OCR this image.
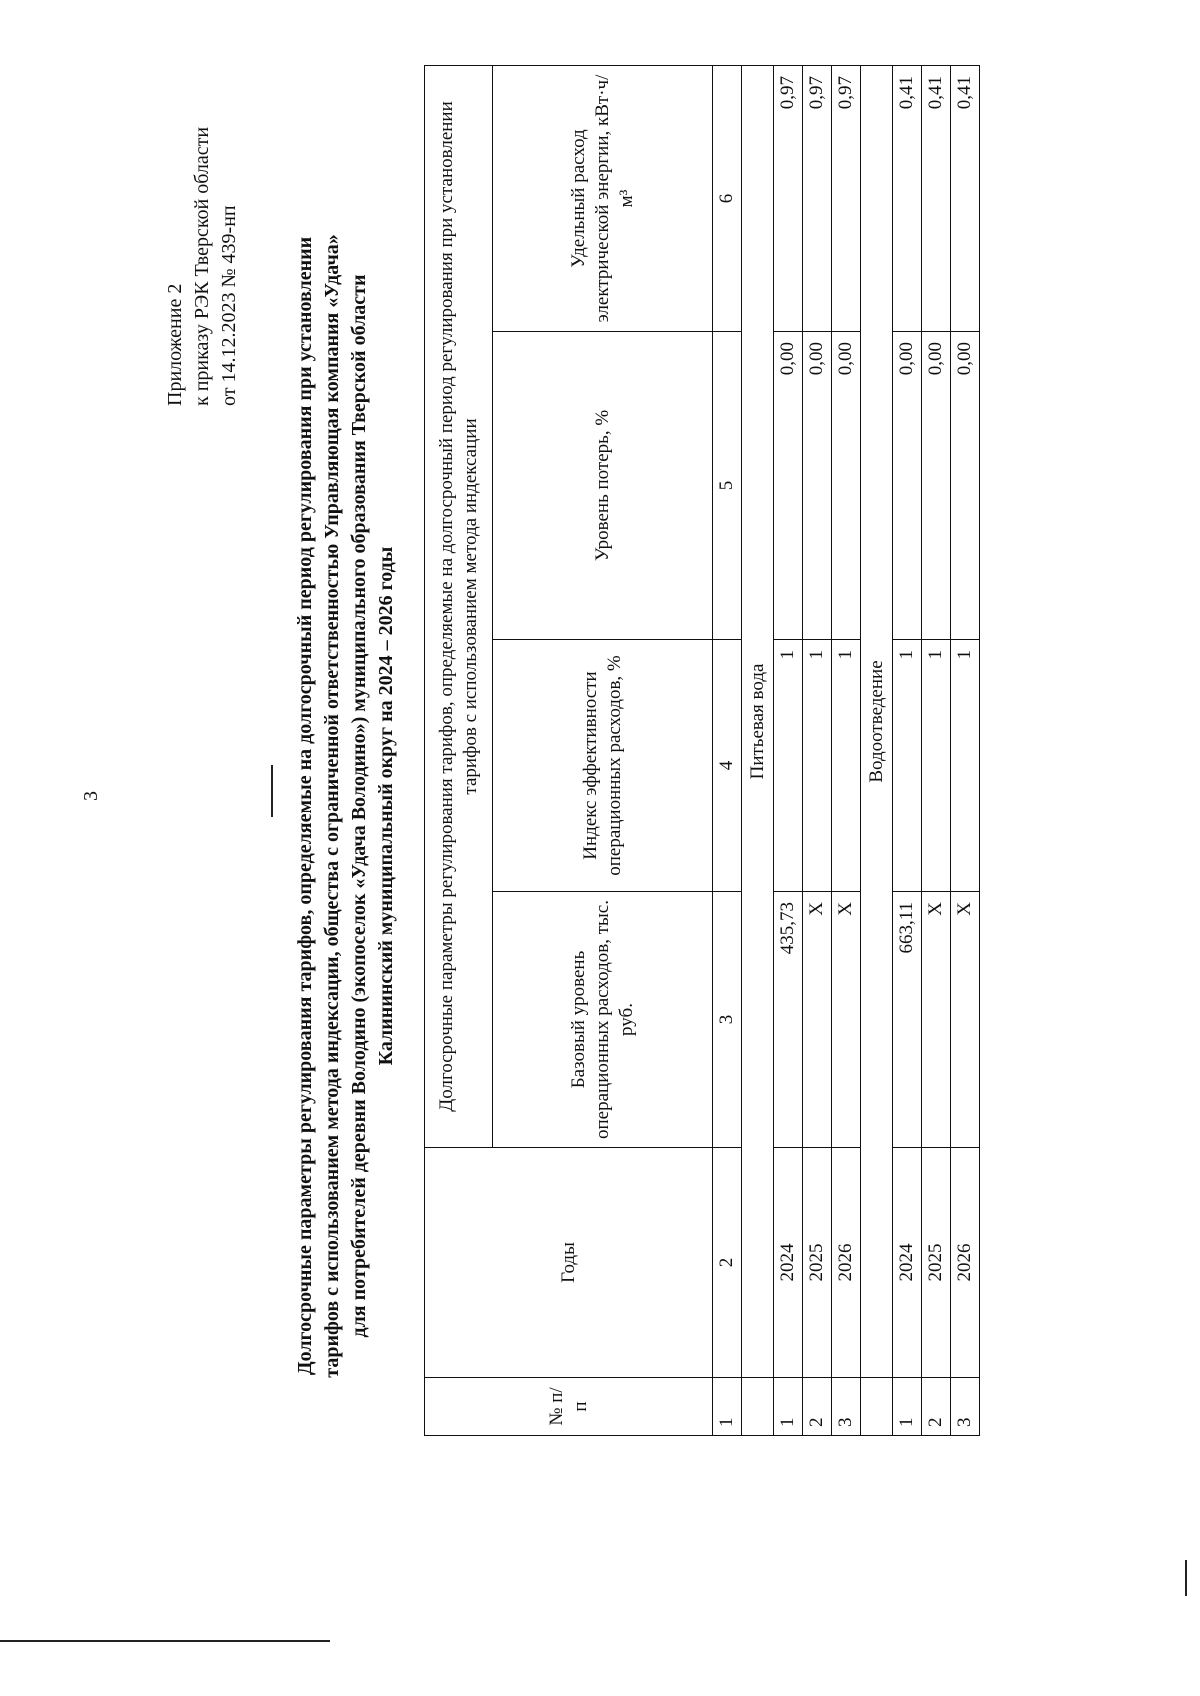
3
Приложение 2 к приказу РЭК Тверской области от 14.12.2023 № 439-нп	Долгосрочные параметры регулирования тарифов, определяемые на долгосрочный период регулирования при установлении тарифов с использованием метода индексации, общества с ограниченной ответственностью Управляющая компания «Удача» для потребителей деревни Володино (экопоселок «Удача Володино») муниципального образования Тверской области Калининский муниципальный округ на 2024 – 2026 годы
№ п/п	Годы	Долгосрочные параметры регулирования тарифов, определяемые на долгосрочный период регулирования при установлении тарифов с использованием метода индексации			
		Базовый уровень операционных расходов, тыс. руб.	Индекс эффективности операционных расходов, %	Уровень потерь, %	Удельный расход электрической энергии, кВт·ч/м³
1	2	3	4	5	6
	Питьевая вода				
1	2024	435,73	1	0,00	0,97
2	2025	Х	1	0,00	0,97
3	2026	Х	1	0,00	0,97
	Водоотведение				
1	2024	663,11	1	0,00	0,41
2	2025	Х	1	0,00	0,41
3	2026	Х	1	0,00	0,41
